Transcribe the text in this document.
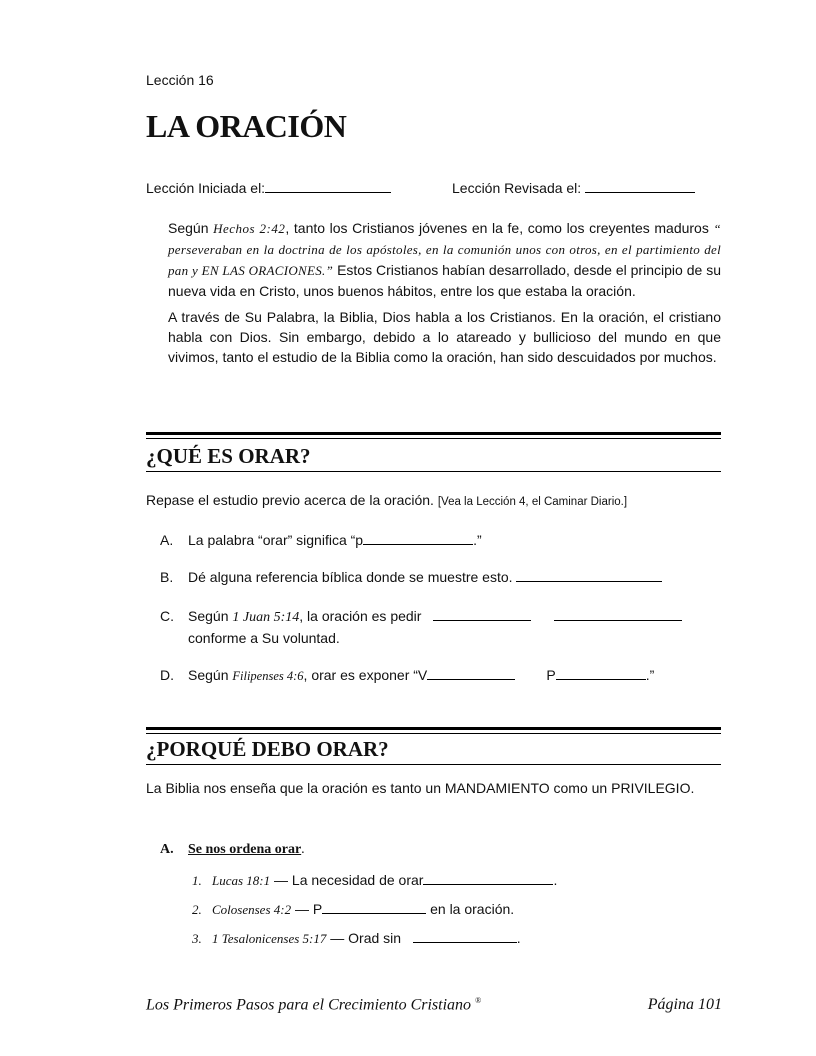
Lección 16
LA ORACIÓN
Lección Iniciada el:	Lección Revisada el:

Según Hechos 2:42, tanto los Cristianos jóvenes en la fe, como los creyentes maduros “ perseveraban en la doctrina de los apóstoles, en la comunión unos con otros, en el partimiento del pan y EN LAS ORACIONES.” Estos Cristianos habían desarrollado, desde el principio de su nueva vida en Cristo, unos buenos hábitos, entre los que estaba la oración.

A través de Su Palabra, la Biblia, Dios habla a los Cristianos. En la oración, el cristiano habla con Dios. Sin embargo, debido a lo atareado y bullicioso del mundo en que vivimos, tanto el estudio de la Biblia como la oración, han sido descuidados por muchos.

¿QUÉ ES ORAR?
Repase el estudio previo acerca de la oración. [Vea la Lección 4, el Caminar Diario.]
A. La palabra “orar” significa “p	.”
B. Dé alguna referencia bíblica donde se muestre esto.
C. Según 1 Juan 5:14, la oración es pedir
conforme a Su voluntad.
D. Según Filipenses 4:6, orar es exponer “V	P	.”
¿PORQUÉ DEBO ORAR?
La Biblia nos enseña que la oración es tanto un MANDAMIENTO como un PRIVILEGIO.
A. Se nos ordena orar.
1. Lucas 18:1 — La necesidad de orar	.
2. Colosenses 4:2 — P	en la oración.
3. 1 Tesalonicenses 5:17 — Orad sin	.
Los Primeros Pasos para el Crecimiento Cristiano ®	Página 101
